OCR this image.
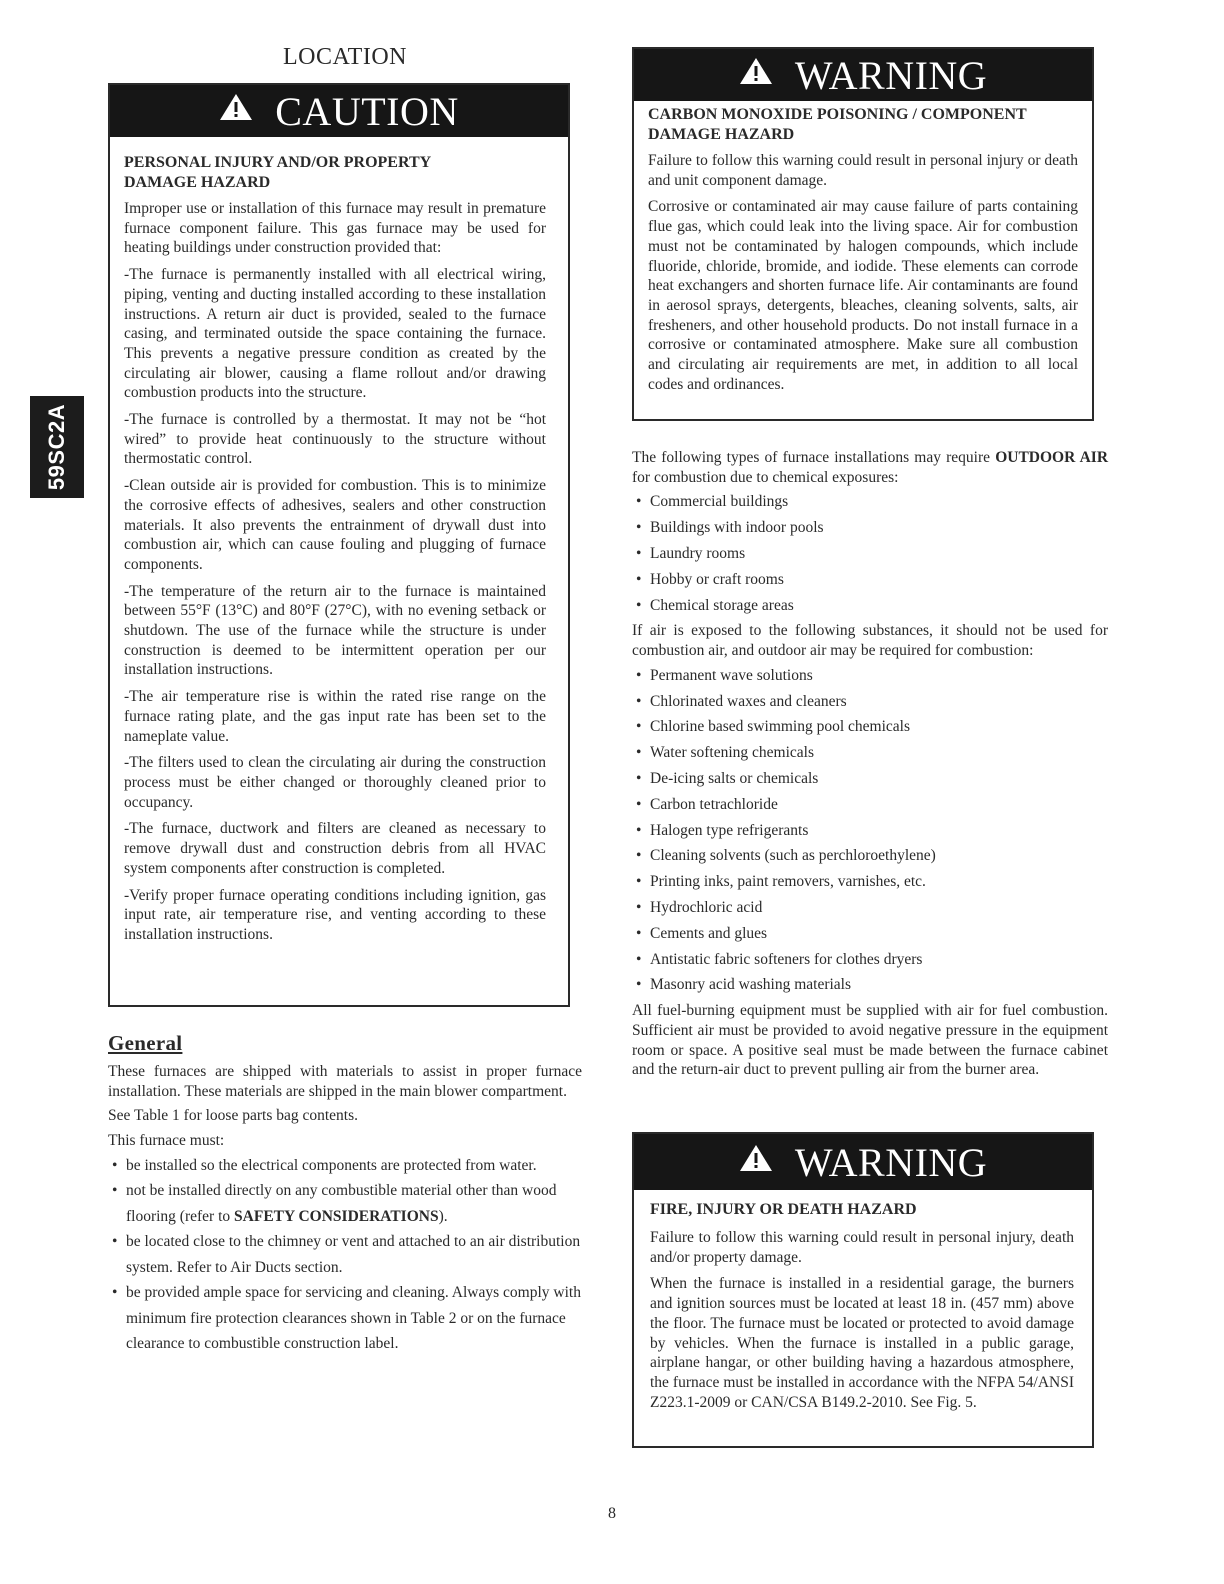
59SC2A
LOCATION
CAUTION

PERSONAL INJURY AND/OR PROPERTY DAMAGE HAZARD

Improper use or installation of this furnace may result in premature furnace component failure. This gas furnace may be used for heating buildings under construction provided that:

-The furnace is permanently installed with all electrical wiring, piping, venting and ducting installed according to these installation instructions. A return air duct is provided, sealed to the furnace casing, and terminated outside the space containing the furnace. This prevents a negative pressure condition as created by the circulating air blower, causing a flame rollout and/or drawing combustion products into the structure.

-The furnace is controlled by a thermostat. It may not be “hot wired” to provide heat continuously to the structure without thermostatic control.

-Clean outside air is provided for combustion. This is to minimize the corrosive effects of adhesives, sealers and other construction materials. It also prevents the entrainment of drywall dust into combustion air, which can cause fouling and plugging of furnace components.

-The temperature of the return air to the furnace is maintained between 55°F (13°C) and 80°F (27°C), with no evening setback or shutdown. The use of the furnace while the structure is under construction is deemed to be intermittent operation per our installation instructions.

-The air temperature rise is within the rated rise range on the furnace rating plate, and the gas input rate has been set to the nameplate value.

-The filters used to clean the circulating air during the construction process must be either changed or thoroughly cleaned prior to occupancy.

-The furnace, ductwork and filters are cleaned as necessary to remove drywall dust and construction debris from all HVAC system components after construction is completed.

-Verify proper furnace operating conditions including ignition, gas input rate, air temperature rise, and venting according to these installation instructions.

General

These furnaces are shipped with materials to assist in proper furnace installation. These materials are shipped in the main blower compartment.

See Table 1 for loose parts bag contents.

This furnace must:

• be installed so the electrical components are protected from water.
• not be installed directly on any combustible material other than wood flooring (refer to SAFETY CONSIDERATIONS).
• be located close to the chimney or vent and attached to an air distribution system. Refer to Air Ducts section.
• be provided ample space for servicing and cleaning. Always comply with minimum fire protection clearances shown in Table 2 or on the furnace clearance to combustible construction label.
WARNING

CARBON MONOXIDE POISONING / COMPONENT DAMAGE HAZARD

Failure to follow this warning could result in personal injury or death and unit component damage.

Corrosive or contaminated air may cause failure of parts containing flue gas, which could leak into the living space. Air for combustion must not be contaminated by halogen compounds, which include fluoride, chloride, bromide, and iodide. These elements can corrode heat exchangers and shorten furnace life. Air contaminants are found in aerosol sprays, detergents, bleaches, cleaning solvents, salts, air fresheners, and other household products. Do not install furnace in a corrosive or contaminated atmosphere. Make sure all combustion and circulating air requirements are met, in addition to all local codes and ordinances.

The following types of furnace installations may require OUTDOOR AIR for combustion due to chemical exposures:

• Commercial buildings
• Buildings with indoor pools
• Laundry rooms
• Hobby or craft rooms
• Chemical storage areas

If air is exposed to the following substances, it should not be used for combustion air, and outdoor air may be required for combustion:

• Permanent wave solutions
• Chlorinated waxes and cleaners
• Chlorine based swimming pool chemicals
• Water softening chemicals
• De-icing salts or chemicals
• Carbon tetrachloride
• Halogen type refrigerants
• Cleaning solvents (such as perchloroethylene)
• Printing inks, paint removers, varnishes, etc.
• Hydrochloric acid
• Cements and glues
• Antistatic fabric softeners for clothes dryers
• Masonry acid washing materials

All fuel-burning equipment must be supplied with air for fuel combustion. Sufficient air must be provided to avoid negative pressure in the equipment room or space. A positive seal must be made between the furnace cabinet and the return-air duct to prevent pulling air from the burner area.

WARNING

FIRE, INJURY OR DEATH HAZARD

Failure to follow this warning could result in personal injury, death and/or property damage.

When the furnace is installed in a residential garage, the burners and ignition sources must be located at least 18 in. (457 mm) above the floor. The furnace must be located or protected to avoid damage by vehicles. When the furnace is installed in a public garage, airplane hangar, or other building having a hazardous atmosphere, the furnace must be installed in accordance with the NFPA 54/ANSI Z223.1-2009 or CAN/CSA B149.2-2010. See Fig. 5.

8
